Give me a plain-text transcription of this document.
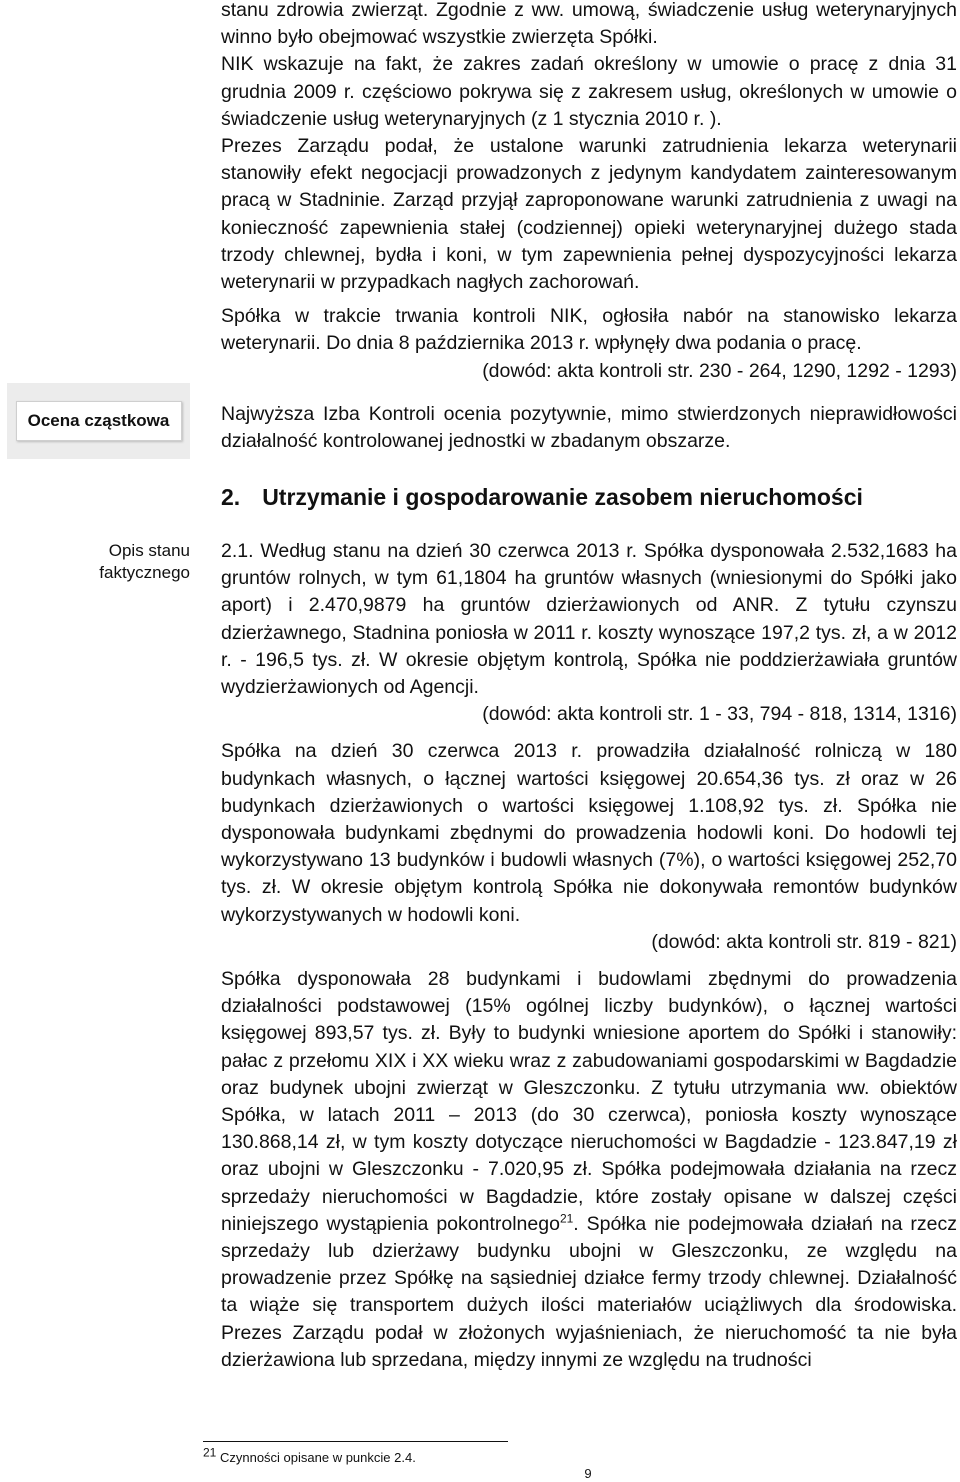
stanu zdrowia zwierząt. Zgodnie z ww. umową, świadczenie usług weterynaryjnych winno było obejmować wszystkie zwierzęta Spółki.

NIK wskazuje na fakt, że zakres zadań określony w umowie o pracę z dnia 31 grudnia 2009 r. częściowo pokrywa się z zakresem usług, określonych w umowie o świadczenie usług weterynaryjnych (z 1 stycznia 2010 r. ).

Prezes Zarządu podał, że ustalone warunki zatrudnienia lekarza weterynarii stanowiły efekt negocjacji prowadzonych z jedynym kandydatem zainteresowanym pracą w Stadninie. Zarząd przyjął zaproponowane warunki zatrudnienia z uwagi na konieczność zapewnienia stałej (codziennej) opieki weterynaryjnej dużego stada trzody chlewnej, bydła i koni, w tym zapewnienia pełnej dyspozycyjności lekarza weterynarii w przypadkach nagłych zachorowań.

Spółka w trakcie trwania kontroli NIK, ogłosiła nabór na stanowisko lekarza weterynarii. Do dnia 8 października 2013 r. wpłynęły dwa podania o pracę.

(dowód: akta kontroli str. 230 - 264, 1290, 1292 - 1293)

Ocena cząstkowa	Najwyższa Izba Kontroli ocenia pozytywnie, mimo stwierdzonych nieprawidłowości działalność kontrolowanej jednostki w zbadanym obszarze.

2. Utrzymanie i gospodarowanie zasobem nieruchomości
Opis stanu faktycznego

2.1. Według stanu na dzień 30 czerwca 2013 r. Spółka dysponowała 2.532,1683 ha gruntów rolnych, w tym 61,1804 ha gruntów własnych (wniesionymi do Spółki jako aport) i 2.470,9879 ha gruntów dzierżawionych od ANR. Z tytułu czynszu dzierżawnego, Stadnina poniosła w 2011 r. koszty wynoszące 197,2 tys. zł, a w 2012 r. - 196,5 tys. zł. W okresie objętym kontrolą, Spółka nie poddzierżawiała gruntów wydzierżawionych od Agencji.

(dowód: akta kontroli str. 1 - 33, 794 - 818, 1314, 1316)

Spółka na dzień 30 czerwca 2013 r. prowadziła działalność rolniczą w 180 budynkach własnych, o łącznej wartości księgowej 20.654,36 tys. zł oraz w 26 budynkach dzierżawionych o wartości księgowej 1.108,92 tys. zł. Spółka nie dysponowała budynkami zbędnymi do prowadzenia hodowli koni. Do hodowli tej wykorzystywano 13 budynków i budowli własnych (7%), o wartości księgowej 252,70 tys. zł. W okresie objętym kontrolą Spółka nie dokonywała remontów budynków wykorzystywanych w hodowli koni.

(dowód: akta kontroli str. 819 - 821)

Spółka dysponowała 28 budynkami i budowlami zbędnymi do prowadzenia działalności podstawowej (15% ogólnej liczby budynków), o łącznej wartości księgowej 893,57 tys. zł. Były to budynki wniesione aportem do Spółki i stanowiły: pałac z przełomu XIX i XX wieku wraz z zabudowaniami gospodarskimi w Bagdadzie oraz budynek ubojni zwierząt w Gleszczonku. Z tytułu utrzymania ww. obiektów Spółka, w latach 2011 – 2013 (do 30 czerwca), poniosła koszty wynoszące 130.868,14 zł, w tym koszty dotyczące nieruchomości w Bagdadzie - 123.847,19 zł oraz ubojni w Gleszczonku - 7.020,95 zł. Spółka podejmowała działania na rzecz sprzedaży nieruchomości w Bagdadzie, które zostały opisane w dalszej części niniejszego wystąpienia pokontrolnego$^{21}$. Spółka nie podejmowała działań na rzecz sprzedaży lub dzierżawy budynku ubojni w Gleszczonku, ze względu na prowadzenie przez Spółkę na sąsiedniej działce fermy trzody chlewnej. Działalność ta wiąże się transportem dużych ilości materiałów uciążliwych dla środowiska. Prezes Zarządu podał w złożonych wyjaśnieniach, że nieruchomość ta nie była dzierżawiona lub sprzedana, między innymi ze względu na trudności

$^{21}$ Czynności opisane w punkcie 2.4.
9
